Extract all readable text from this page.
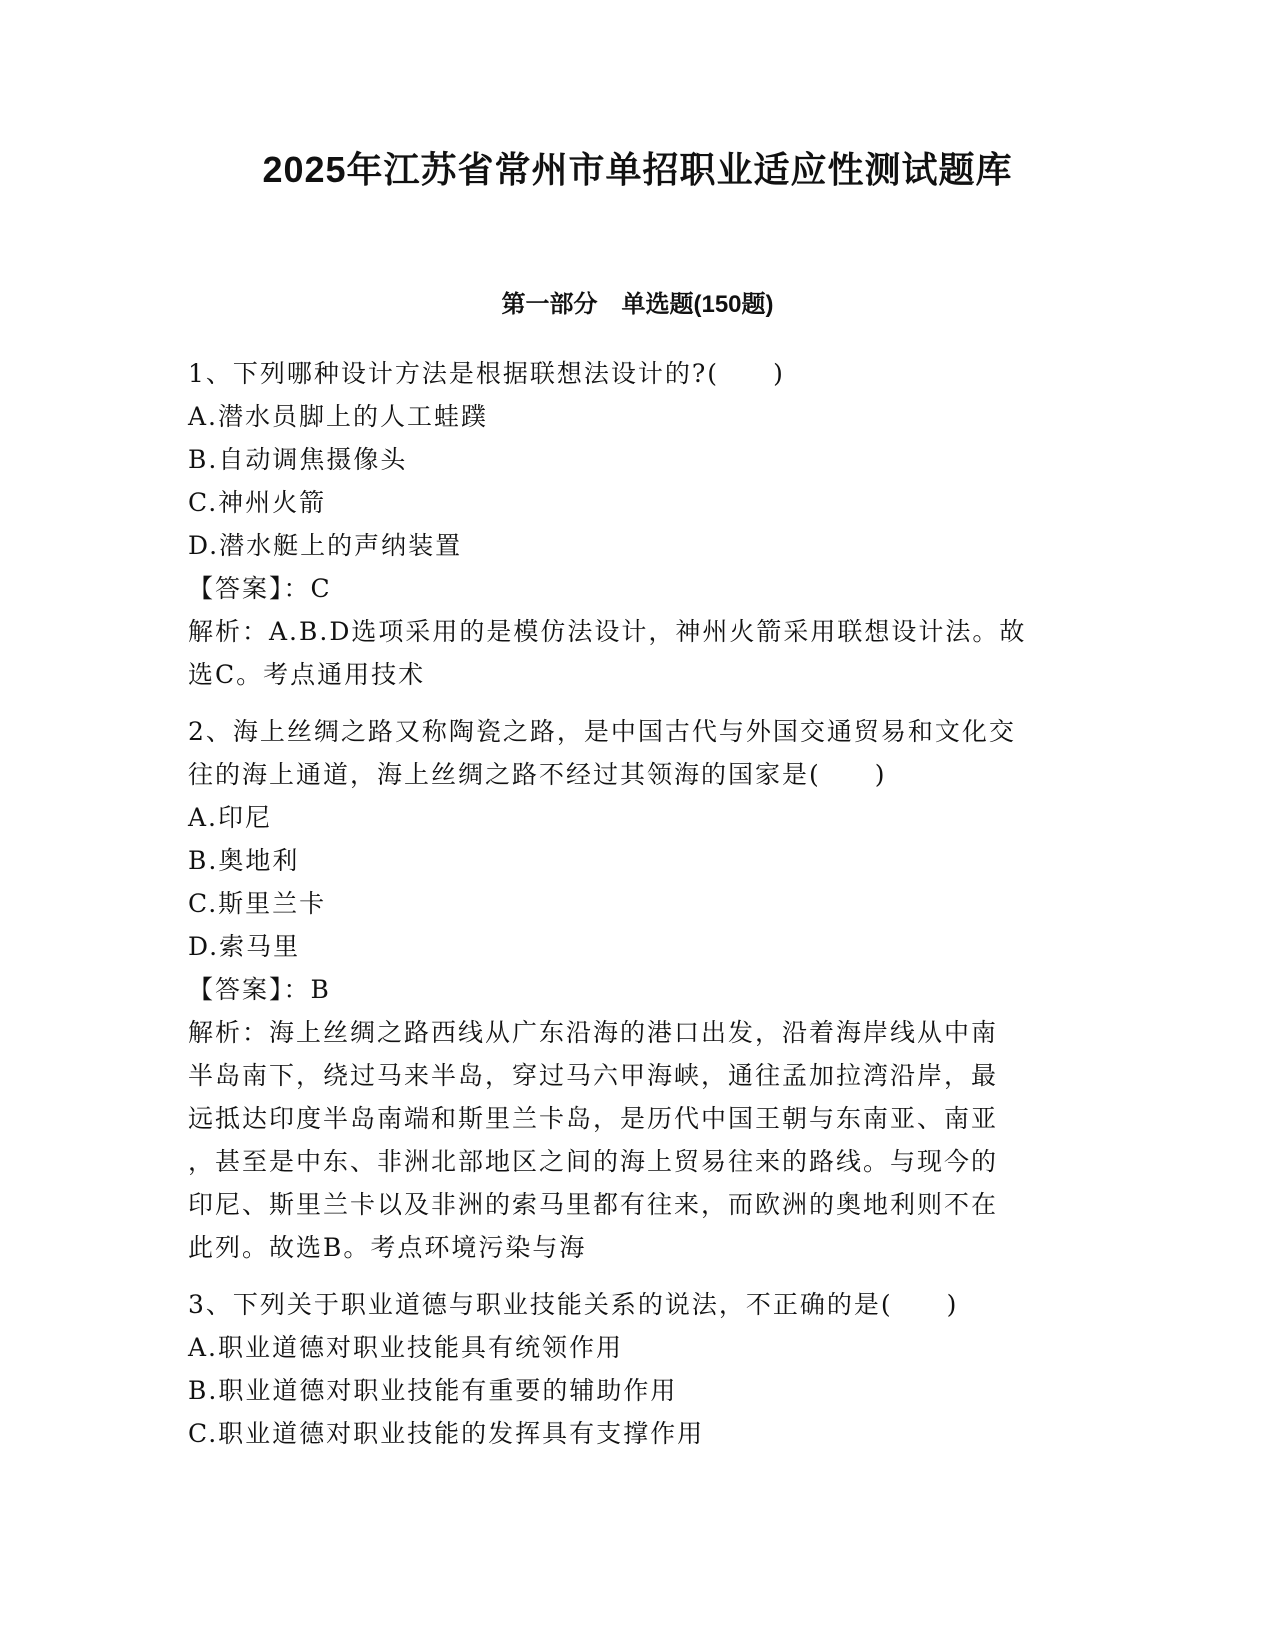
2025年江苏省常州市单招职业适应性测试题库
第一部分　单选题(150题)
1、下列哪种设计方法是根据联想法设计的?(　　)
A.潜水员脚上的人工蛙蹼
B.自动调焦摄像头
C.神州火箭
D.潜水艇上的声纳装置
【答案】：C
解析：A.B.D选项采用的是模仿法设计，神州火箭采用联想设计法。故
选C。考点通用技术
2、海上丝绸之路又称陶瓷之路，是中国古代与外国交通贸易和文化交
往的海上通道，海上丝绸之路不经过其领海的国家是(　　)
A.印尼
B.奥地利
C.斯里兰卡
D.索马里
【答案】：B
解析：海上丝绸之路西线从广东沿海的港口出发，沿着海岸线从中南
半岛南下，绕过马来半岛，穿过马六甲海峡，通往孟加拉湾沿岸，最
远抵达印度半岛南端和斯里兰卡岛，是历代中国王朝与东南亚、南亚
，甚至是中东、非洲北部地区之间的海上贸易往来的路线。与现今的
印尼、斯里兰卡以及非洲的索马里都有往来，而欧洲的奥地利则不在
此列。故选B。考点环境污染与海
3、下列关于职业道德与职业技能关系的说法，不正确的是(　　)
A.职业道德对职业技能具有统领作用
B.职业道德对职业技能有重要的辅助作用
C.职业道德对职业技能的发挥具有支撑作用
